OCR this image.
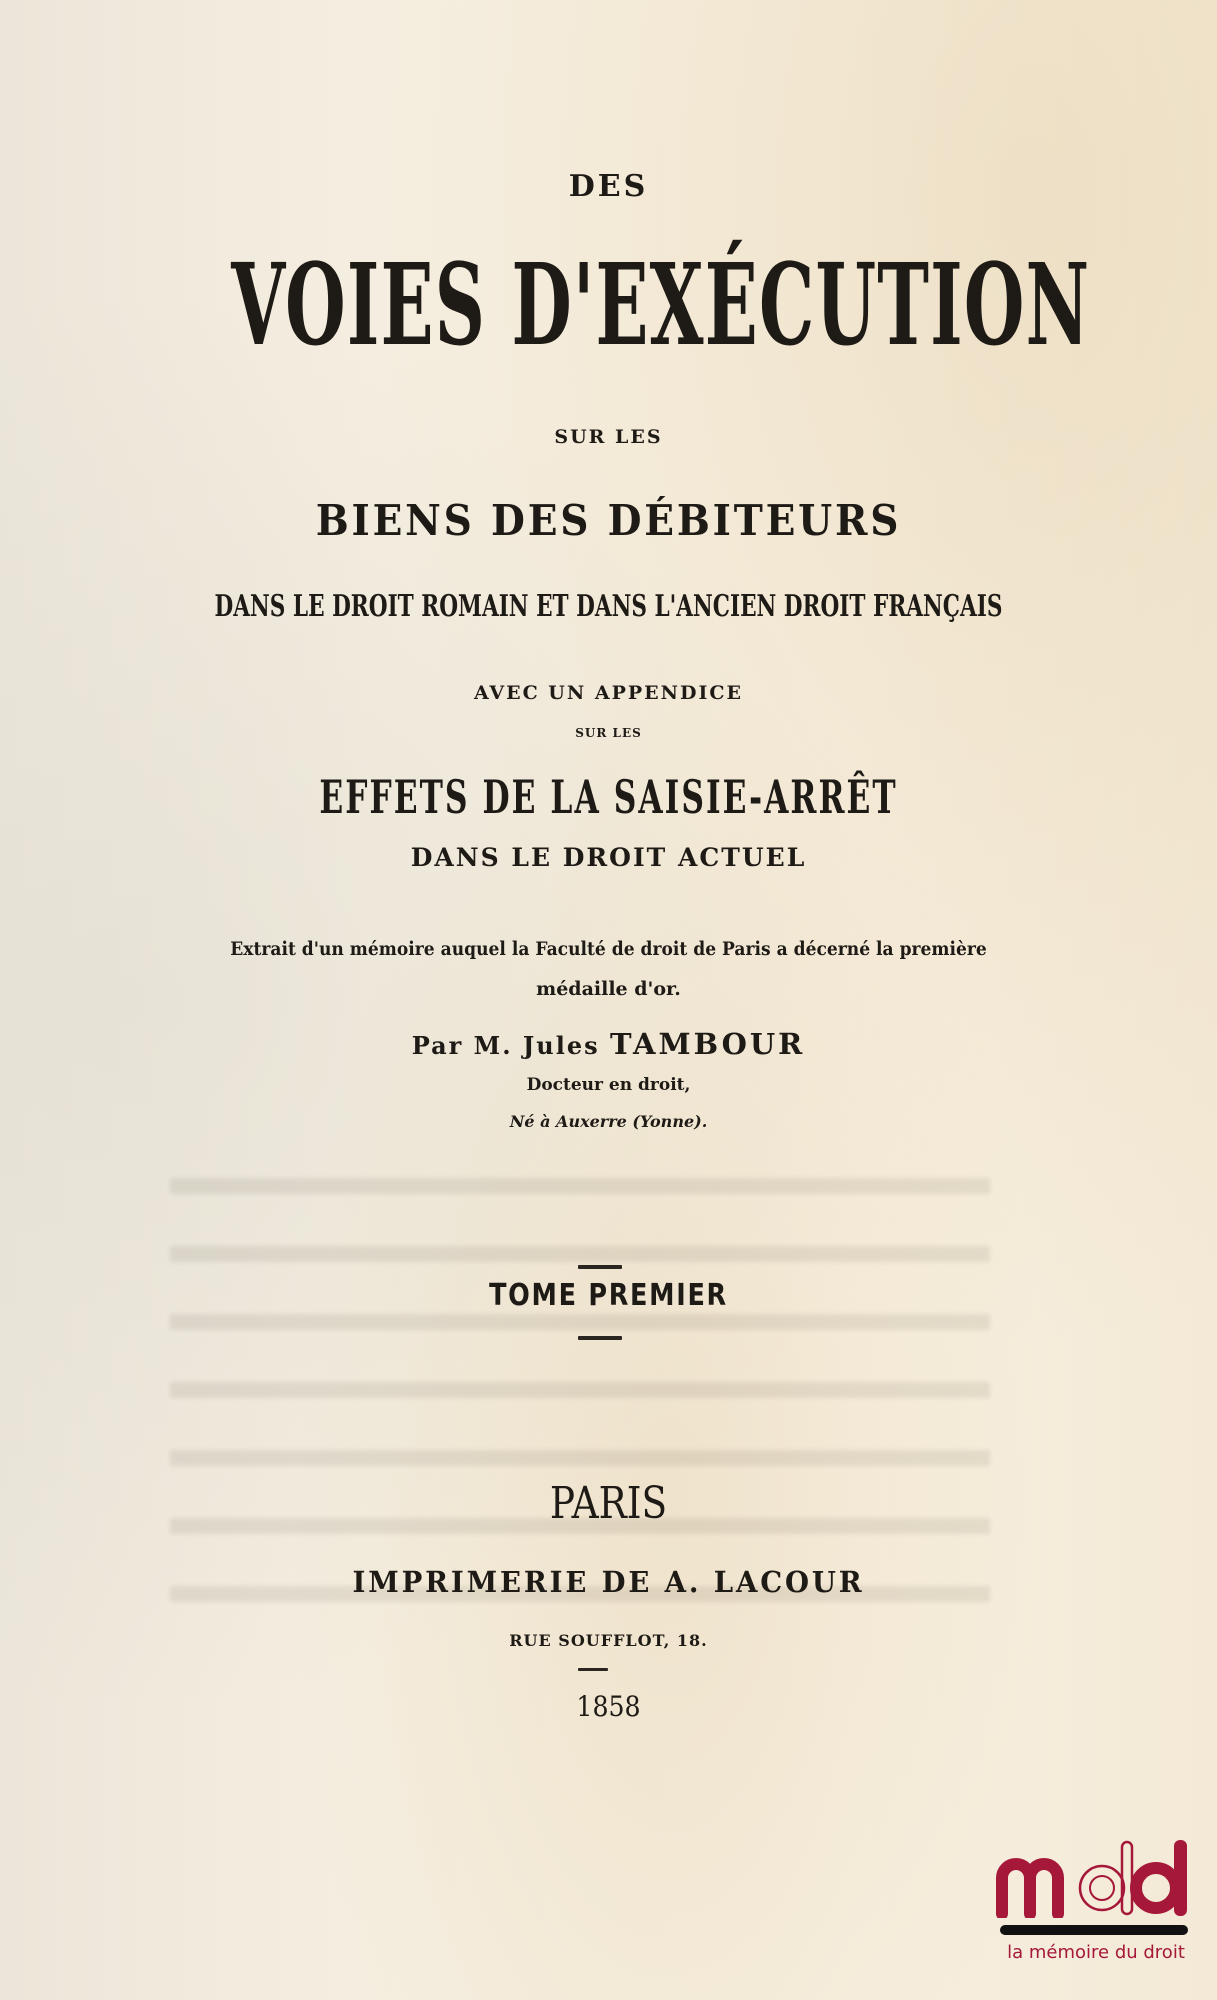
DES
VOIES D'EXÉCUTION
SUR LES
BIENS DES DÉBITEURS
DANS LE DROIT ROMAIN ET DANS L'ANCIEN DROIT FRANÇAIS
AVEC UN APPENDICE
SUR LES
EFFETS DE LA SAISIE-ARRÊT
DANS LE DROIT ACTUEL
Extrait d'un mémoire auquel la Faculté de droit de Paris a décerné la première
médaille d'or.
Par M. Jules TAMBOUR
Docteur en droit,
Né à Auxerre (Yonne).
TOME PREMIER
PARIS
IMPRIMERIE DE A. LACOUR
RUE SOUFFLOT, 18.
1858
la mémoire du droit
